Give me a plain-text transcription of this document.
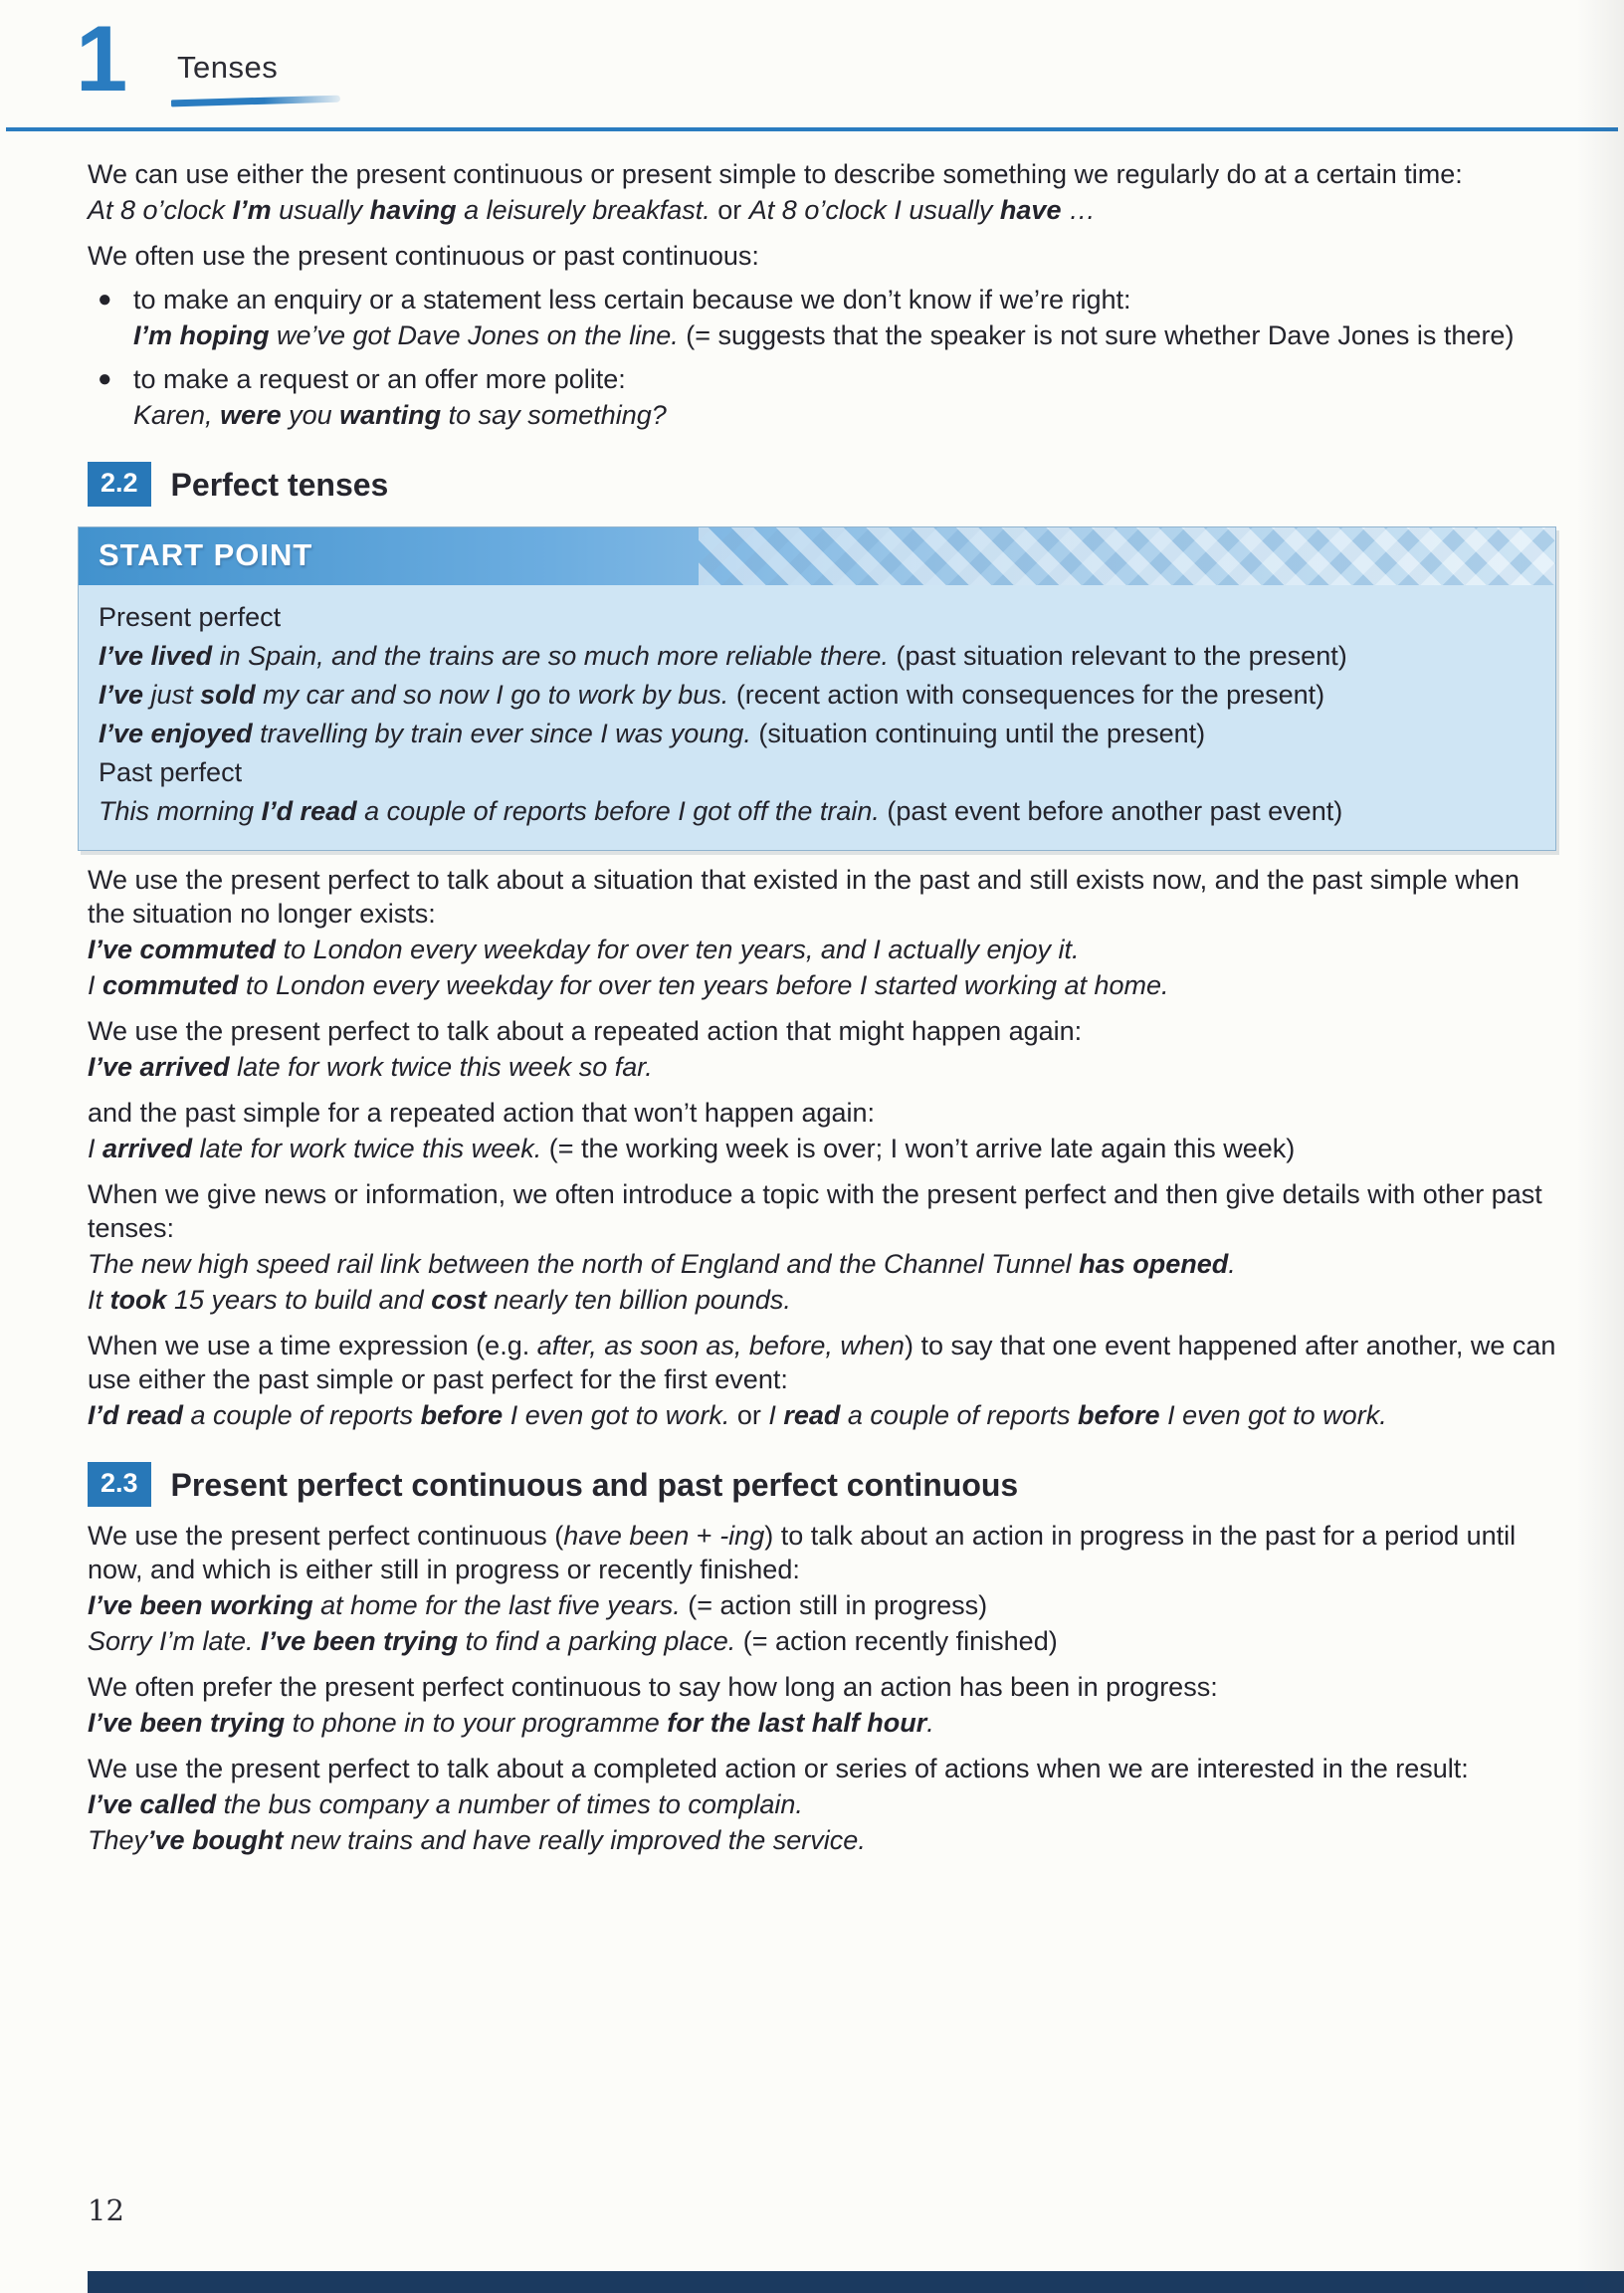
1 Tenses

We can use either the present continuous or present simple to describe something we regularly do at a certain time:

At 8 o’clock I’m usually having a leisurely breakfast. or At 8 o’clock I usually have …

We often use the present continuous or past continuous:

● to make an enquiry or a statement less certain because we don’t know if we’re right:

I’m hoping we’ve got Dave Jones on the line. (= suggests that the speaker is not sure whether Dave Jones is there)

● to make a request or an offer more polite:

Karen, were you wanting to say something?

2.2	Perfect tenses
START POINT

Present perfect

I’ve lived in Spain, and the trains are so much more reliable there. (past situation relevant to the present)

I’ve just sold my car and so now I go to work by bus. (recent action with consequences for the present)

I’ve enjoyed travelling by train ever since I was young. (situation continuing until the present)

Past perfect

This morning I’d read a couple of reports before I got off the train. (past event before another past event)

We use the present perfect to talk about a situation that existed in the past and still exists now, and the past simple when the situation no longer exists:

I’ve commuted to London every weekday for over ten years, and I actually enjoy it.

I commuted to London every weekday for over ten years before I started working at home.

We use the present perfect to talk about a repeated action that might happen again:

I’ve arrived late for work twice this week so far.

and the past simple for a repeated action that won’t happen again:

I arrived late for work twice this week. (= the working week is over; I won’t arrive late again this week)

When we give news or information, we often introduce a topic with the present perfect and then give details with other past tenses:

The new high speed rail link between the north of England and the Channel Tunnel has opened.

It took 15 years to build and cost nearly ten billion pounds.

When we use a time expression (e.g. after, as soon as, before, when) to say that one event happened after another, we can use either the past simple or past perfect for the first event:

I’d read a couple of reports before I even got to work. or I read a couple of reports before I even got to work.

2.3	Present perfect continuous and past perfect continuous

We use the present perfect continuous (have been + -ing) to talk about an action in progress in the past for a period until now, and which is either still in progress or recently finished:

I’ve been working at home for the last five years. (= action still in progress)

Sorry I’m late. I’ve been trying to find a parking place. (= action recently finished)

We often prefer the present perfect continuous to say how long an action has been in progress:

I’ve been trying to phone in to your programme for the last half hour.

We use the present perfect to talk about a completed action or series of actions when we are interested in the result:

I’ve called the bus company a number of times to complain.

They’ve bought new trains and have really improved the service.

12
